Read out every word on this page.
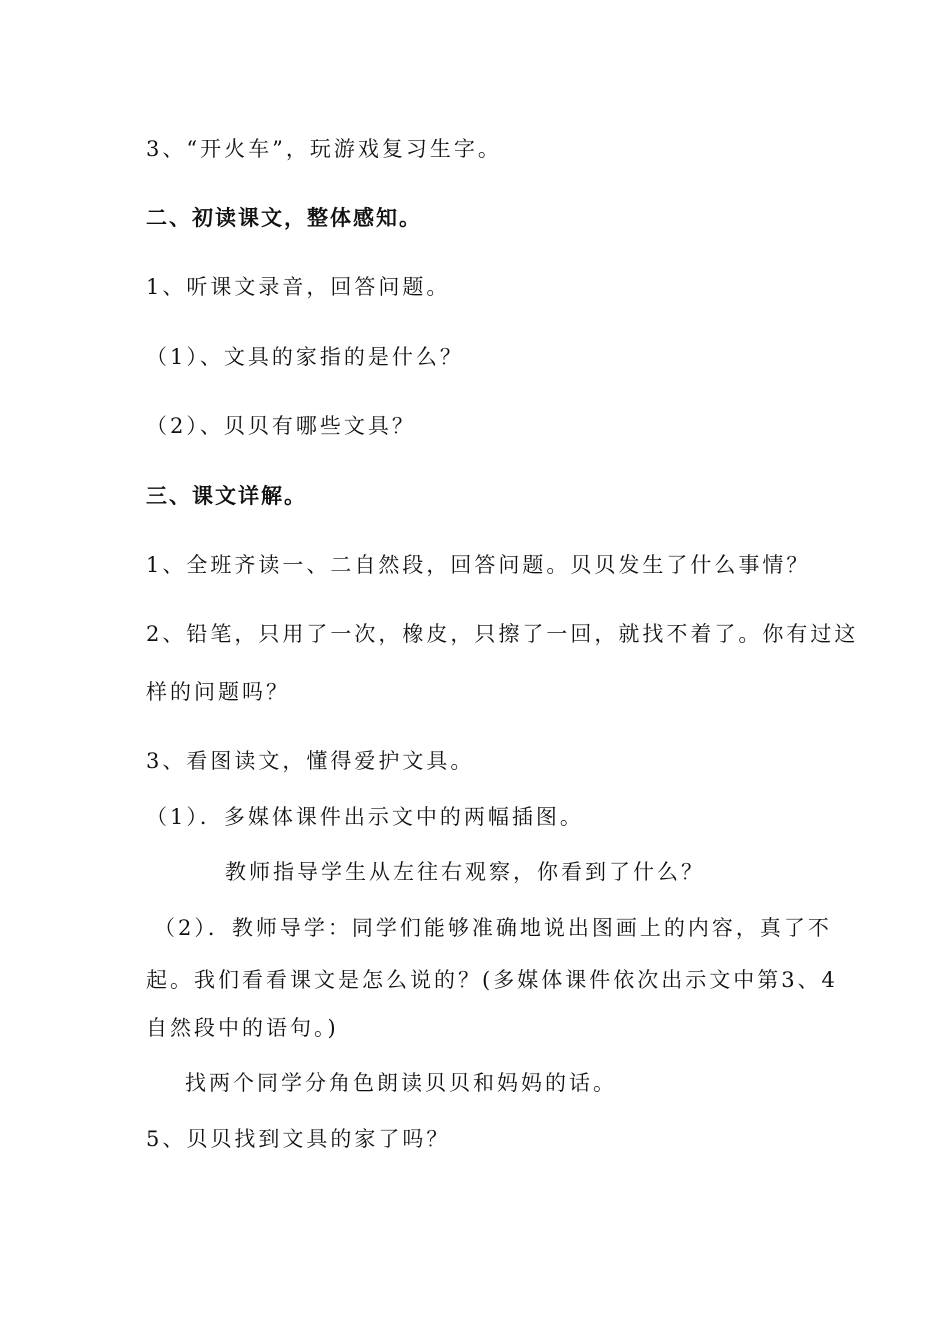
3、“开火车”，玩游戏复习生字。
二、初读课文，整体感知。
1、听课文录音，回答问题。
（1）、文具的家指的是什么？
（2）、贝贝有哪些文具？
三、课文详解。
1、全班齐读一、二自然段，回答问题。贝贝发生了什么事情？
2、铅笔，只用了一次，橡皮，只擦了一回，就找不着了。你有过这
样的问题吗？
3、看图读文，懂得爱护文具。
（1）．多媒体课件出示文中的两幅插图。
教师指导学生从左往右观察，你看到了什么？
（2）．教师导学：同学们能够准确地说出图画上的内容，真了不
起。我们看看课文是怎么说的？(多媒体课件依次出示文中第3、4
自然段中的语句。)
找两个同学分角色朗读贝贝和妈妈的话。
5、贝贝找到文具的家了吗？
